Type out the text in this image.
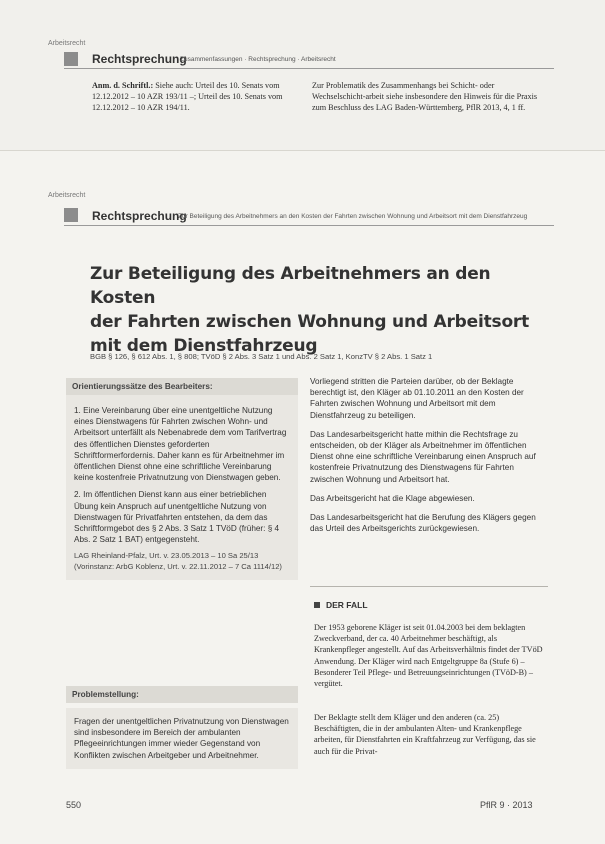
Arbeitsrecht
Rechtsprechung
Zusammenfassungen · Rechtsprechung · Arbeitsrecht
Anm. d. Schriftl.: Siehe auch: Urteil des 10. Senats vom 12.12.2012 – 10 AZR 193/11 –; Urteil des 10. Senats vom 12.12.2012 – 10 AZR 194/11.
Zur Problematik des Zusammenhangs bei Schicht- oder Wechselschicht-arbeit siehe insbesondere den Hinweis für die Praxis zum Beschluss des LAG Baden-Württemberg, PflR 2013, 4, 1 ff.
Arbeitsrecht
Rechtsprechung
Zur Beteiligung des Arbeitnehmers an den Kosten der Fahrten zwischen Wohnung und Arbeitsort mit dem Dienstfahrzeug
Zur Beteiligung des Arbeitnehmers an den Kosten
der Fahrten zwischen Wohnung und Arbeitsort
mit dem Dienstfahrzeug
BGB § 126, § 612 Abs. 1, § 808; TVöD § 2 Abs. 3 Satz 1 und Abs. 2 Satz 1, KonzTV § 2 Abs. 1 Satz 1
Orientierungssätze des Bearbeiters:

1. Eine Vereinbarung über eine unentgeltliche Nutzung eines Dienstwagens für Fahrten zwischen Wohn- und Arbeitsort unterfällt als Nebenabrede dem vom Tarifvertrag des öffentlichen Dienstes geforderten Schriftformerfordernis. Daher kann es für Arbeitnehmer im öffentlichen Dienst ohne eine schriftliche Vereinbarung keine kostenfreie Privatnutzung von Dienstwagen geben.

2. Im öffentlichen Dienst kann aus einer betrieblichen Übung kein Anspruch auf unentgeltliche Nutzung von Dienstwagen für Privatfahrten entstehen, da dem das Schriftformgebot des § 2 Abs. 3 Satz 1 TVöD (früher: § 4 Abs. 2 Satz 1 BAT) entgegensteht.

LAG Rheinland-Pfalz, Urt. v. 23.05.2013 – 10 Sa 25/13 (Vorinstanz: ArbG Koblenz, Urt. v. 22.11.2012 – 7 Ca 1114/12)

Problemstellung:
Fragen der unentgeltlichen Privatnutzung von Dienstwagen sind insbesondere im Bereich der ambulanten Pflegeeinrichtungen immer wieder Gegenstand von Konflikten zwischen Arbeitgeber und Arbeitnehmer.

Vorliegend stritten die Parteien darüber, ob der Beklagte berechtigt ist, den Kläger ab 01.10.2011 an den Kosten der Fahrten zwischen Wohnung und Arbeitsort mit dem Dienstfahrzeug zu beteiligen.

Das Landesarbeitsgericht hatte mithin die Rechtsfrage zu entscheiden, ob der Kläger als Arbeitnehmer im öffentlichen Dienst ohne eine schriftliche Vereinbarung einen Anspruch auf kostenfreie Privatnutzung des Dienstwagens für Fahrten zwischen Wohnung und Arbeitsort hat.

Das Arbeitsgericht hat die Klage abgewiesen.

Das Landesarbeitsgericht hat die Berufung des Klägers gegen das Urteil des Arbeitsgerichts zurückgewiesen.

DER FALL
Der 1953 geborene Kläger ist seit 01.04.2003 bei dem beklagten Zweckverband, der ca. 40 Arbeitnehmer beschäftigt, als Krankenpfleger angestellt. Auf das Arbeitsverhältnis findet der TVöD Anwendung. Der Kläger wird nach Entgeltgruppe 8a (Stufe 6) – Besonderer Teil Pflege- und Betreuungseinrichtungen (TVöD-B) – vergütet.
Der Beklagte stellt dem Kläger und den anderen (ca. 25) Beschäftigten, die in der ambulanten Alten- und Krankenpflege arbeiten, für Dienstfahrten ein Kraftfahrzeug zur Verfügung, das sie auch für die Privat-
550	PflR 9 · 2013
